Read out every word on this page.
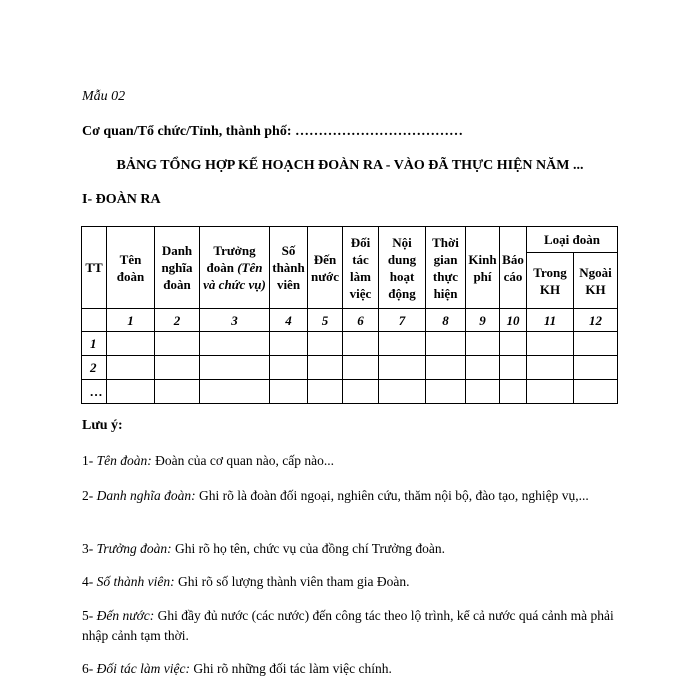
Mẫu 02
Cơ quan/Tổ chức/Tỉnh, thành phố: ………………………………
BẢNG TỔNG HỢP KẾ HOẠCH ĐOÀN RA - VÀO ĐÃ THỰC HIỆN NĂM ...
I- ĐOÀN RA
TT	Tên đoàn	Danh nghĩa đoàn	Trưởng đoàn (Tên và chức vụ)	Số thành viên	Đến nước	Đối tác làm việc	Nội dung hoạt động	Thời gian thực hiện	Kinh phí	Báo cáo	Loại đoàn	
											Trong KH	Ngoài KH
	1	2	3	4	5	6	7	8	9	10	11	12
1												
2												
…												
Lưu ý:
1- Tên đoàn: Đoàn của cơ quan nào, cấp nào...
2- Danh nghĩa đoàn: Ghi rõ là đoàn đối ngoại, nghiên cứu, thăm nội bộ, đào tạo, nghiệp vụ,...
3- Trưởng đoàn: Ghi rõ họ tên, chức vụ của đồng chí Trưởng đoàn.
4- Số thành viên: Ghi rõ số lượng thành viên tham gia Đoàn.
5- Đến nước: Ghi đầy đủ nước (các nước) đến công tác theo lộ trình, kể cả nước quá cảnh mà phải nhập cảnh tạm thời.
6- Đối tác làm việc: Ghi rõ những đối tác làm việc chính.
